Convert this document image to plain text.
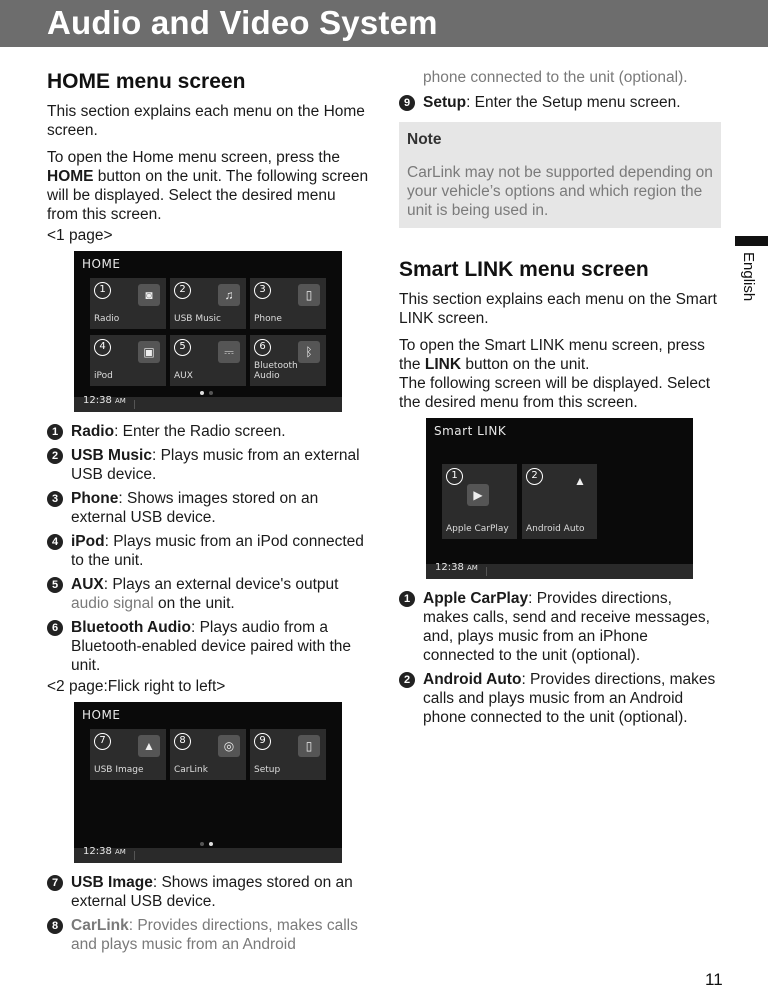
Audio and Video System
HOME menu screen

This section explains each menu on the Home screen.

To open the Home menu screen, press the HOME button on the unit. The following screen will be displayed. Select the desired menu from this screen.

<1 page>

HOME
1	◙
Radio
2	♫
USB Music
3	▯
Phone
4	▣
iPod
5	⎓
AUX
6	ᛒ
Bluetooth Audio
12:38 AM
1 Radio: Enter the Radio screen.
2 USB Music: Plays music from an external USB device.
3 Phone: Shows images stored on an external USB device.
4 iPod: Plays music from an iPod connected to the unit.
5 AUX: Plays an external device's output audio signal on the unit.
6 Bluetooth Audio: Plays audio from a Bluetooth-enabled device paired with the unit.

<2 page:Flick right to left>

HOME
7	▲
USB Image
8	◎
CarLink
9	▯
Setup
12:38 AM
7 USB Image: Shows images stored on an external USB device.
8 CarLink: Provides directions, makes calls and plays music from an Android

phone connected to the unit (optional).

9 Setup: Enter the Setup menu screen.
Note
CarLink may not be supported depending on your vehicle’s options and which region the unit is being used in.
Smart LINK menu screen

This section explains each menu on the Smart LINK screen.

To open the Smart LINK menu screen, press the LINK button on the unit.

The following screen will be displayed. Select the desired menu from this screen.

Smart LINK
1
▶
Apple CarPlay
2	▲
Android Auto
12:38 AM
1 Apple CarPlay: Provides directions, makes calls, send and receive messages, and, plays music from an iPhone connected to the unit (optional).
2 Android Auto: Provides directions, makes calls and plays music from an Android phone connected to the unit (optional).
English
11
